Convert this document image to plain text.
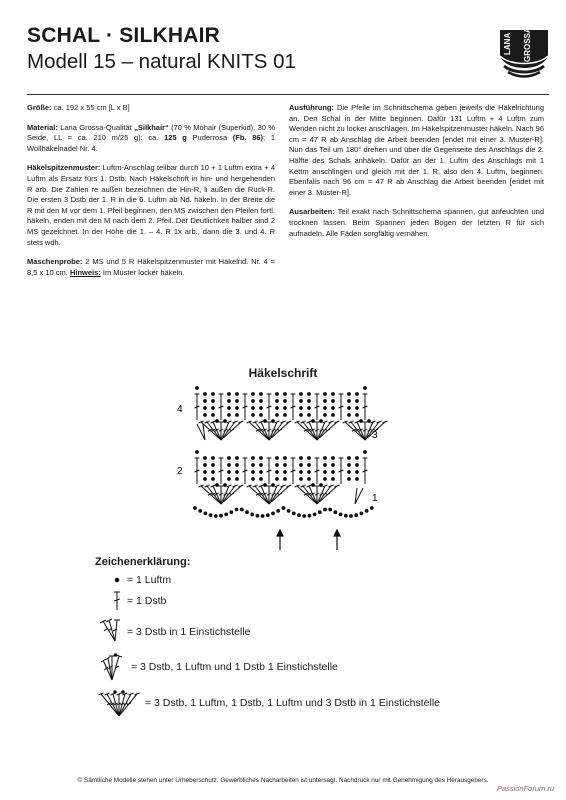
SCHAL · SILKHAIR
Modell 15 – natural KNITS 01
LANA GROSSA

Größe: ca. 192 x 55 cm [L x B]

Material: Lana Grossa-Qualität „Silkhair“ (70 % Mohair (Superkid), 30 % Seide, LL = ca. 210 m/25 g): ca. 125 g Puderrosa (Fb. 86); 1 Wollhäkelnadel Nr. 4.

Häkelspitzenmuster: Luftm-Anschlag teilbar durch 10 + 1 Luftm extra + 4 Luftm als Ersatz fürs 1. Dstb. Nach Häkelschrift in hin- und hergehenden R arb. Die Zahlen re außen bezeichnen die Hin-R, li außen die Rück-R. Die ersten 3 Dstb der 1. R in die 6. Luftm ab Nd. häkeln. In der Breite die R mit den M vor dem 1. Pfeil beginnen, den MS zwischen den Pfeilen fortl. häkeln, enden mit den M nach dem 2. Pfeil. Der Deutlichkeit halber sind 2 MS gezeichnet. In der Höhe die 1. – 4. R 1x arb., dann die 3. und 4. R stets wdh.

Maschenprobe: 2 MS und 5 R Häkelspitzenmuster mit Häkelnd. Nr. 4 = 8,5 x 10 cm. Hinweis: Im Muster locker häkeln.

Ausführung: Die Pfeile im Schnittschema geben jeweils die Häkelrichtung an. Den Schal in der Mitte beginnen. Dafür 131 Luftm + 4 Luftm zum Wenden nicht zu locker anschlagen. Im Häkelspitzenmuster häkeln. Nach 96 cm = 47 R ab Anschlag die Arbeit beenden [endet mit einer 3. Muster-R]. Nun das Teil um 180° drehen und über die Gegenseite des Anschlags die 2. Hälfte des Schals anhäkeln. Dafür an der 1. Luftm des Anschlags mit 1 Kettm anschlingen und gleich mit der 1. R, also den 4. Luftm, beginnen. Ebenfalls nach 96 cm = 47 R ab Anschlag die Arbeit beenden [endet mit einer 3. Muster-R].

Ausarbeiten: Teil exakt nach Schnittschema spannen, gut anfeuchten und trocknen lassen. Beim Spannen jeden Bogen der letzten R für sich aufnadeln. Alle Fäden sorgfältig vernähen.

Häkelschrift
4
3
2
1
Zeichenerklärung:
= 1 Luftm
= 1 Dstb
= 3 Dstb in 1 Einstichstelle
= 3 Dstb, 1 Luftm und 1 Dstb 1 Einstichstelle
= 3 Dstb, 1 Luftm, 1 Dstb, 1 Luftm und 3 Dstb in 1 Einstichstelle
© Sämtliche Modelle stehen unter Urheberschutz. Gewerbliches Nacharbeiten ist untersagt. Nachdruck nur mit Genehmigung des Herausgebers.
PassionForum.ru
